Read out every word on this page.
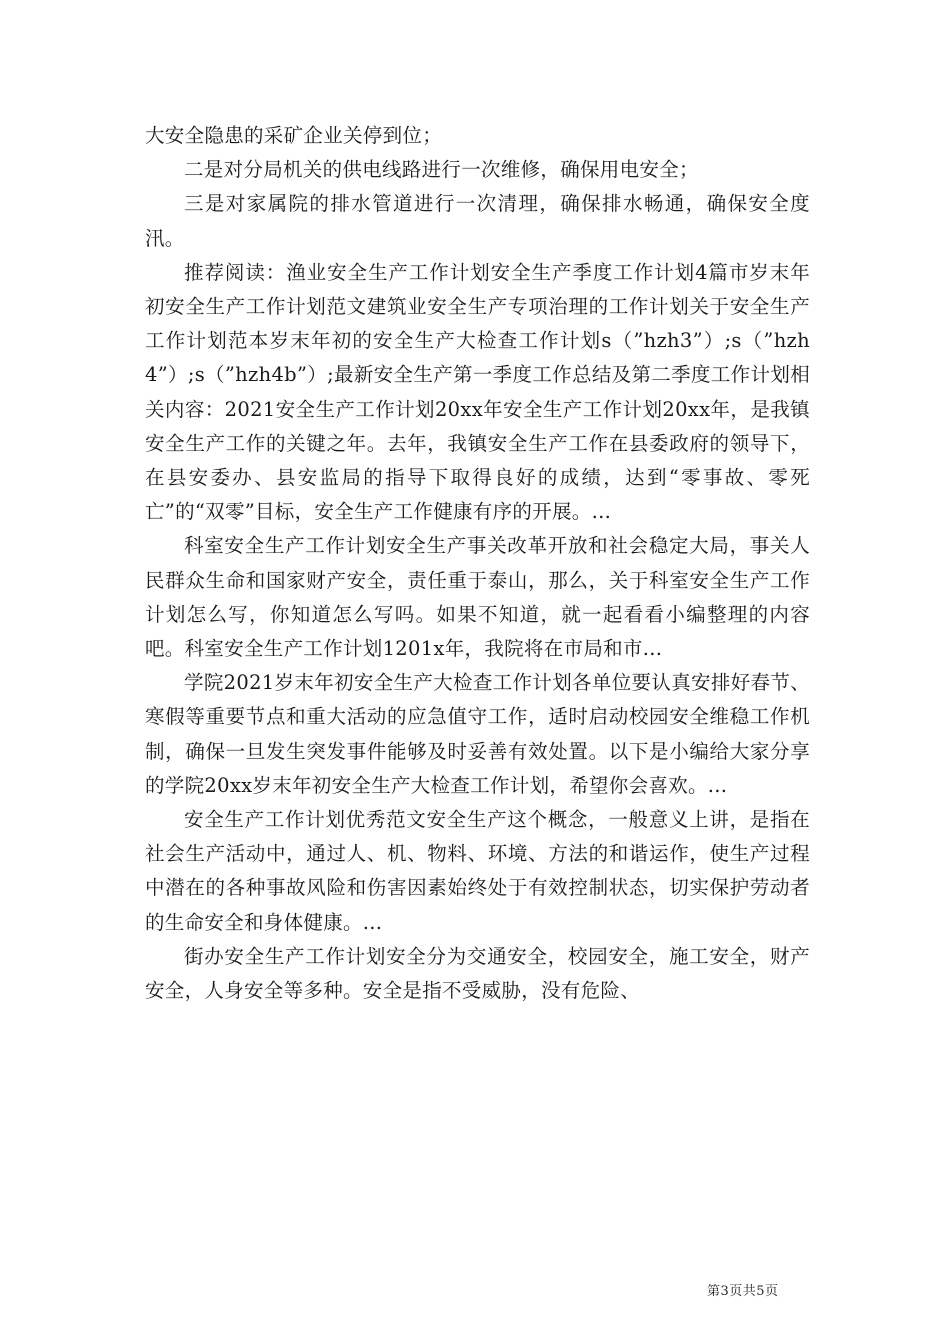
大安全隐患的采矿企业关停到位；

二是对分局机关的供电线路进行一次维修，确保用电安全；

三是对家属院的排水管道进行一次清理，确保排水畅通，确保安全度汛。

推荐阅读：渔业安全生产工作计划安全生产季度工作计划4篇市岁末年初安全生产工作计划范文建筑业安全生产专项治理的工作计划关于安全生产工作计划范本岁末年初的安全生产大检查工作计划s（”hzh3”）;s（”hzh4”）;s（”hzh4b”）;最新安全生产第一季度工作总结及第二季度工作计划相关内容：2021安全生产工作计划20xx年安全生产工作计划20xx年，是我镇安全生产工作的关键之年。去年，我镇安全生产工作在县委政府的领导下，在县安委办、县安监局的指导下取得良好的成绩，达到“零事故、零死亡”的“双零”目标，安全生产工作健康有序的开展。...

科室安全生产工作计划安全生产事关改革开放和社会稳定大局，事关人民群众生命和国家财产安全，责任重于泰山，那么，关于科室安全生产工作计划怎么写，你知道怎么写吗。如果不知道，就一起看看小编整理的内容吧。科室安全生产工作计划1201x年，我院将在市局和市...

学院2021岁末年初安全生产大检查工作计划各单位要认真安排好春节、寒假等重要节点和重大活动的应急值守工作，适时启动校园安全维稳工作机制，确保一旦发生突发事件能够及时妥善有效处置。以下是小编给大家分享的学院20xx岁末年初安全生产大检查工作计划，希望你会喜欢。...

安全生产工作计划优秀范文安全生产这个概念，一般意义上讲，是指在社会生产活动中，通过人、机、物料、环境、方法的和谐运作，使生产过程中潜在的各种事故风险和伤害因素始终处于有效控制状态，切实保护劳动者的生命安全和身体健康。...

街办安全生产工作计划安全分为交通安全，校园安全，施工安全，财产安全，人身安全等多种。安全是指不受威胁，没有危险、

第3页共5页
